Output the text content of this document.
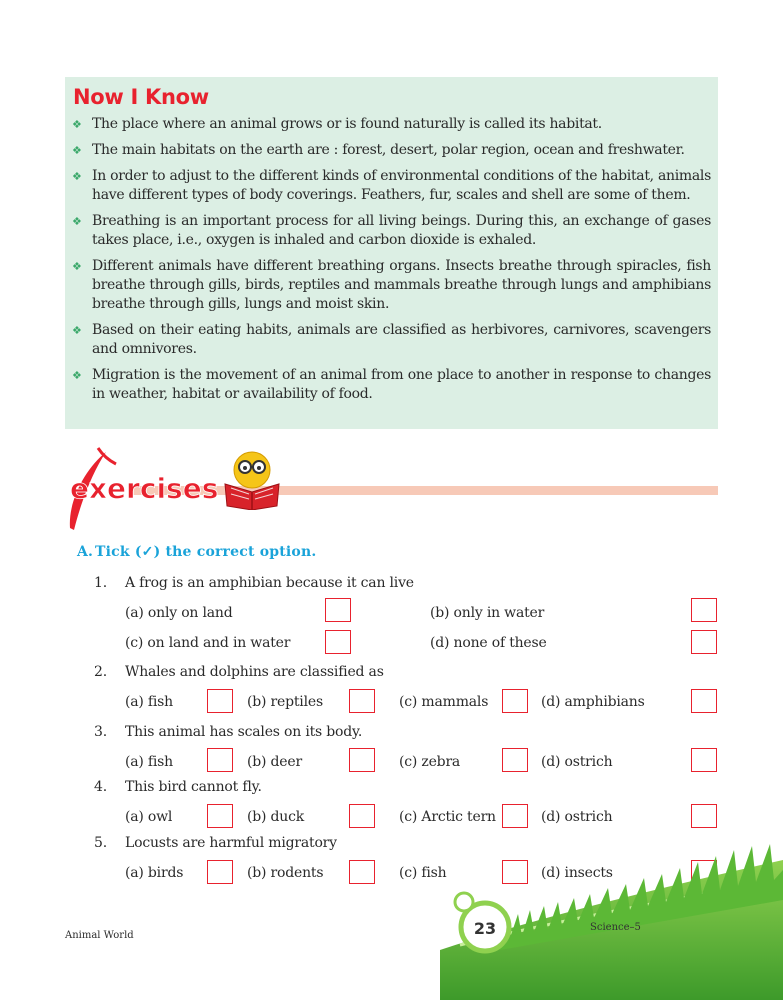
Now I Know
❖ The place where an animal grows or is found naturally is called its habitat.
❖ The main habitats on the earth are : forest, desert, polar region, ocean and freshwater.
❖ In order to adjust to the different kinds of environmental conditions of the habitat, animals have different types of body coverings. Feathers, fur, scales and shell are some of them.
❖ Breathing is an important process for all living beings. During this, an exchange of gases takes place, i.e., oxygen is inhaled and carbon dioxide is exhaled.
❖ Different animals have different breathing organs. Insects breathe through spiracles, fish breathe through gills, birds, reptiles and mammals breathe through lungs and amphibians breathe through gills, lungs and moist skin.
❖ Based on their eating habits, animals are classified as herbivores, carnivores, scavengers and omnivores.
❖ Migration is the movement of an animal from one place to another in response to changes in weather, habitat or availability of food.
exercises
A. Tick (✓) the correct option.
1. A frog is an amphibian because it can live
(a) only on land	(b) only in water
(c) on land and in water	(d) none of these
2. Whales and dolphins are classified as
(a) fish	(b) reptiles	(c) mammals	(d) amphibians
3. This animal has scales on its body.
(a) fish	(b) deer	(c) zebra	(d) ostrich
4. This bird cannot fly.
(a) owl	(b) duck	(c) Arctic tern	(d) ostrich
5. Locusts are harmful migratory
(a) birds	(b) rodents	(c) fish	(d) insects
Animal World	23	Science–5
